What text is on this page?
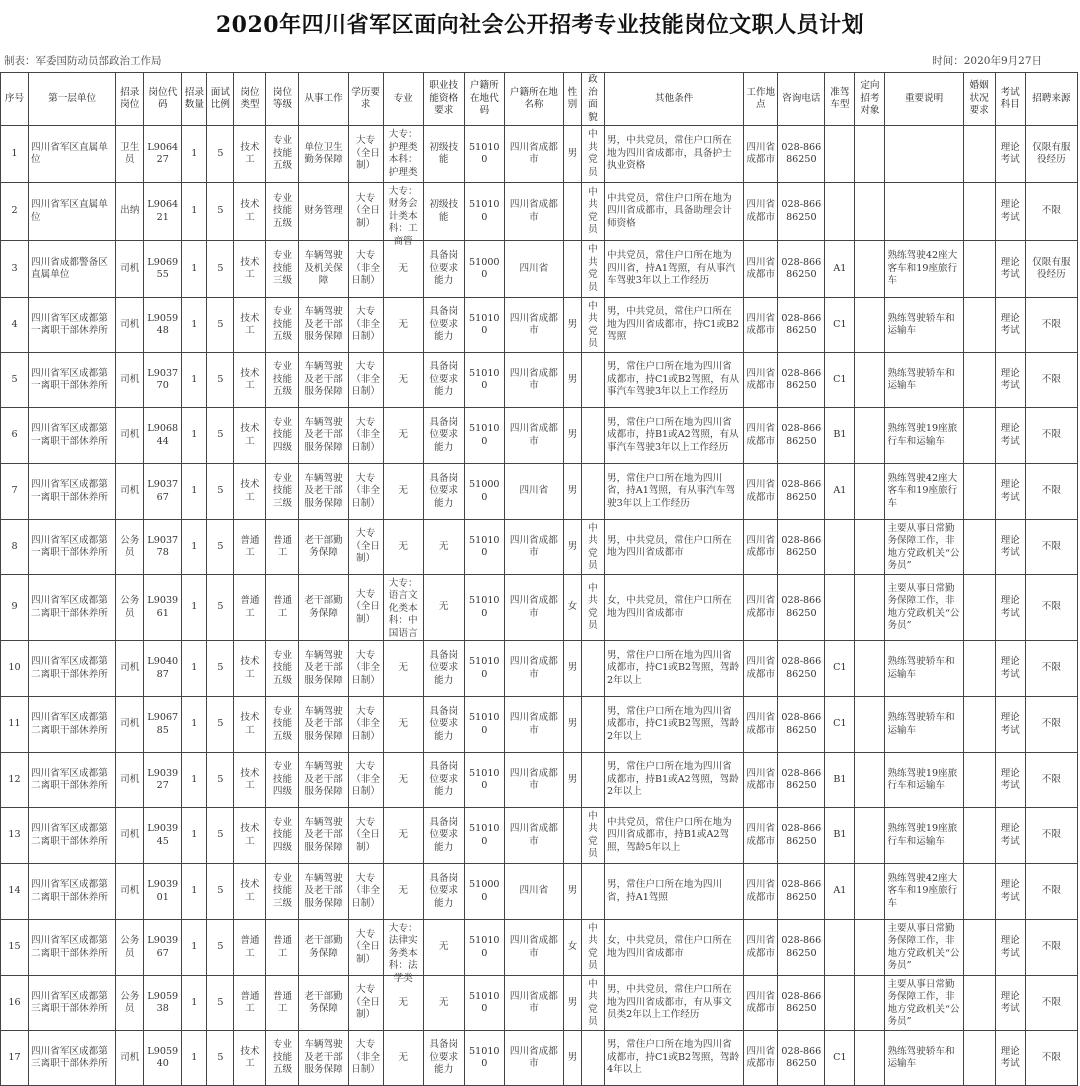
2020年四川省军区面向社会公开招考专业技能岗位文职人员计划
制表：军委国防动员部政治工作局	时间：2020年9月27日
序号	第一层单位	招录岗位	岗位代码	招录数量	面试比例	岗位类型	岗位等级	从事工作	学历要求	专业	职业技能资格要求	户籍所在地代码	户籍所在地名称	性别	政治面貌	其他条件	工作地点	咨询电话	准驾车型	定向招考对象	重要说明	婚姻状况要求	考试科目	招聘来源

1	四川省军区直属单位	卫生员	L906427	1	5	技术工	专业技能五级	单位卫生勤务保障	大专（全日制）	大专：护理类本科：护理类	初级技能	510100	四川省成都市	男	中共党员	男，中共党员，常住户口所在地为四川省成都市，具备护士执业资格	四川省成都市	028-86686250					理论考试	仅限有服役经历

2	四川省军区直属单位	出纳	L906421	1	5	技术工	专业技能五级	财务管理	大专（全日制）	大专：财务会计类本科：工商管	初级技能	510100	四川省成都市		中共党员	中共党员，常住户口所在地为四川省成都市，具备助理会计师资格	四川省成都市	028-86686250					理论考试	不限

3	四川省成都警备区直属单位	司机	L906955	1	5	技术工	专业技能三级	车辆驾驶及机关保障	大专（非全日制）	无	具备岗位要求能力	510000	四川省		中共党员	中共党员，常住户口所在地为四川省，持A1驾照，有从事汽车驾驶3年以上工作经历	四川省成都市	028-86686250	A1		熟练驾驶42座大客车和19座旅行车		理论考试	仅限有服役经历

4	四川省军区成都第一离职干部休养所	司机	L905948	1	5	技术工	专业技能五级	车辆驾驶及老干部服务保障	大专（非全日制）	无	具备岗位要求能力	510100	四川省成都市	男	中共党员	男，中共党员，常住户口所在地为四川省成都市，持C1或B2驾照	四川省成都市	028-86686250	C1		熟练驾驶轿车和运输车		理论考试	不限

5	四川省军区成都第一离职干部休养所	司机	L903770	1	5	技术工	专业技能五级	车辆驾驶及老干部服务保障	大专（非全日制）	无	具备岗位要求能力	510100	四川省成都市	男		男，常住户口所在地为四川省成都市，持C1或B2驾照，有从事汽车驾驶3年以上工作经历	四川省成都市	028-86686250	C1		熟练驾驶轿车和运输车		理论考试	不限

6	四川省军区成都第一离职干部休养所	司机	L906844	1	5	技术工	专业技能四级	车辆驾驶及老干部服务保障	大专（非全日制）	无	具备岗位要求能力	510100	四川省成都市	男		男，常住户口所在地为四川省成都市，持B1或A2驾照，有从事汽车驾驶3年以上工作经历	四川省成都市	028-86686250	B1		熟练驾驶19座旅行车和运输车		理论考试	不限

7	四川省军区成都第一离职干部休养所	司机	L903767	1	5	技术工	专业技能三级	车辆驾驶及老干部服务保障	大专（非全日制）	无	具备岗位要求能力	510000	四川省	男		男，常住户口所在地为四川省，持A1驾照，有从事汽车驾驶3年以上工作经历	四川省成都市	028-86686250	A1		熟练驾驶42座大客车和19座旅行车		理论考试	不限

8	四川省军区成都第一离职干部休养所	公务员	L903778	1	5	普通工	普通工	老干部勤务保障	大专（全日制）	无	无	510100	四川省成都市	男	中共党员	男，中共党员，常住户口所在地为四川省成都市	四川省成都市	028-86686250			主要从事日常勤务保障工作，非地方党政机关“公务员”		理论考试	不限

9	四川省军区成都第二离职干部休养所	公务员	L903961	1	5	普通工	普通工	老干部勤务保障	大专（全日制）	大专：语言文化类本科：中国语言	无	510100	四川省成都市	女	中共党员	女，中共党员，常住户口所在地为四川省成都市	四川省成都市	028-86686250			主要从事日常勤务保障工作，非地方党政机关“公务员”		理论考试	不限

10	四川省军区成都第二离职干部休养所	司机	L904087	1	5	技术工	专业技能五级	车辆驾驶及老干部服务保障	大专（非全日制）	无	具备岗位要求能力	510100	四川省成都市	男		男，常住户口所在地为四川省成都市，持C1或B2驾照，驾龄2年以上	四川省成都市	028-86686250	C1		熟练驾驶轿车和运输车		理论考试	不限

11	四川省军区成都第二离职干部休养所	司机	L906785	1	5	技术工	专业技能五级	车辆驾驶及老干部服务保障	大专（非全日制）	无	具备岗位要求能力	510100	四川省成都市	男		男，常住户口所在地为四川省成都市，持C1或B2驾照，驾龄2年以上	四川省成都市	028-86686250	C1		熟练驾驶轿车和运输车		理论考试	不限

12	四川省军区成都第二离职干部休养所	司机	L903927	1	5	技术工	专业技能四级	车辆驾驶及老干部服务保障	大专（非全日制）	无	具备岗位要求能力	510100	四川省成都市	男		男，常住户口所在地为四川省成都市，持B1或A2驾照，驾龄2年以上	四川省成都市	028-86686250	B1		熟练驾驶19座旅行车和运输车		理论考试	不限

13	四川省军区成都第二离职干部休养所	司机	L903945	1	5	技术工	专业技能四级	车辆驾驶及老干部服务保障	大专（全日制）	无	具备岗位要求能力	510100	四川省成都市		中共党员	中共党员，常住户口所在地为四川省成都市，持B1或A2驾照，驾龄5年以上	四川省成都市	028-86686250	B1		熟练驾驶19座旅行车和运输车		理论考试	不限

14	四川省军区成都第二离职干部休养所	司机	L903901	1	5	技术工	专业技能三级	车辆驾驶及老干部服务保障	大专（非全日制）	无	具备岗位要求能力	510000	四川省	男		男，常住户口所在地为四川省，持A1驾照	四川省成都市	028-86686250	A1		熟练驾驶42座大客车和19座旅行车		理论考试	不限

15	四川省军区成都第二离职干部休养所	公务员	L903967	1	5	普通工	普通工	老干部勤务保障	大专（全日制）	大专：法律实务类本科：法学类	无	510100	四川省成都市	女	中共党员	女，中共党员，常住户口所在地为四川省成都市	四川省成都市	028-86686250			主要从事日常勤务保障工作，非地方党政机关“公务员”		理论考试	不限

16	四川省军区成都第三离职干部休养所	公务员	L905938	1	5	普通工	普通工	老干部勤务保障	大专（全日制）	无	无	510100	四川省成都市	男	中共党员	男，中共党员，常住户口所在地为四川省成都市，有从事文员类2年以上工作经历	四川省成都市	028-86686250			主要从事日常勤务保障工作，非地方党政机关“公务员”		理论考试	不限

17	四川省军区成都第三离职干部休养所	司机	L905940	1	5	技术工	专业技能五级	车辆驾驶及老干部服务保障	大专（非全日制）	无	具备岗位要求能力	510100	四川省成都市	男		男，常住户口所在地为四川省成都市，持C1或B2驾照，驾龄4年以上	四川省成都市	028-86686250	C1		熟练驾驶轿车和运输车		理论考试	不限
